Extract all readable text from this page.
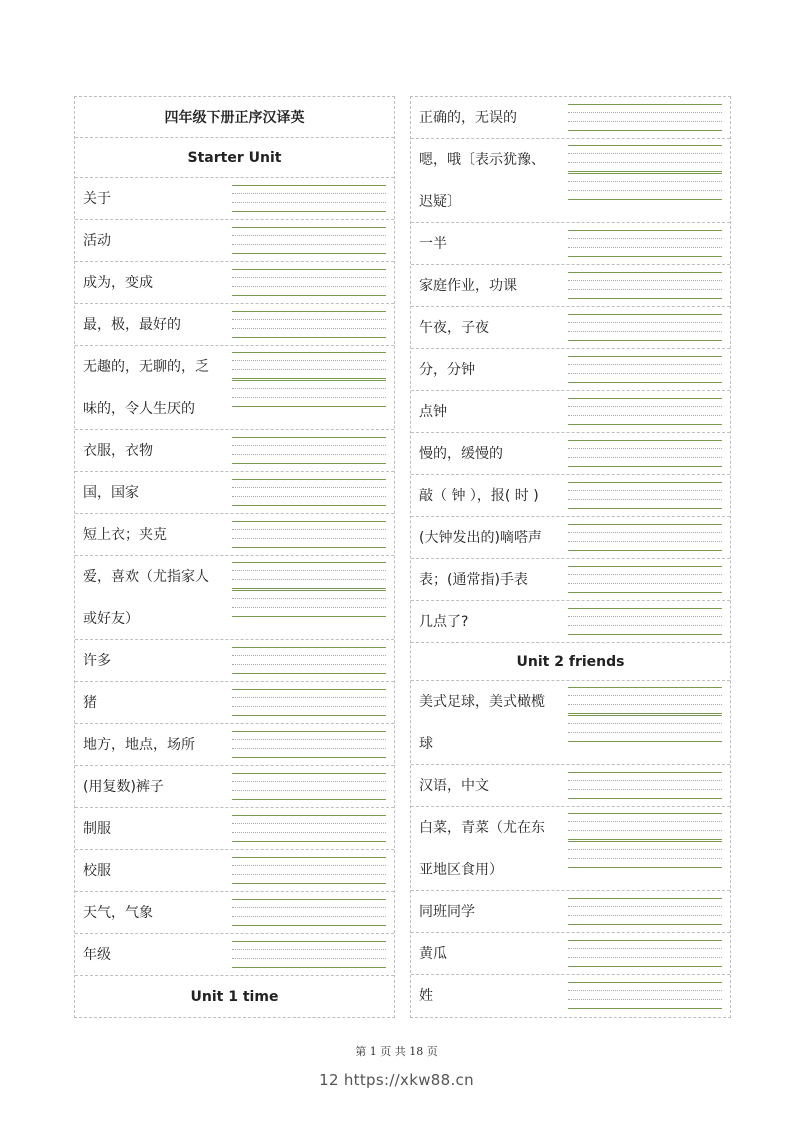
四年级下册正序汉译英
Starter Unit
关于
活动
成为，变成
最，极，最好的
无趣的，无聊的，乏
味的，令人生厌的
衣服，衣物
国，国家
短上衣；夹克
爱，喜欢（尤指家人
或好友）
许多
猪
地方，地点，场所
(用复数)裤子
制服
校服
天气，气象
年级
Unit 1 time
正确的，无误的
嗯，哦〔表示犹豫、
迟疑〕
一半
家庭作业，功课
午夜，子夜
分，分钟
点钟
慢的，缓慢的
敲（ 钟 ），报( 时 )
(大钟发出的)嘀嗒声
表；(通常指)手表
几点了?
Unit 2 friends
美式足球，美式橄榄
球
汉语，中文
白菜，青菜（尤在东
亚地区食用）
同班同学
黄瓜
姓
第 1 页 共 18 页
12 https://xkw88.cn
